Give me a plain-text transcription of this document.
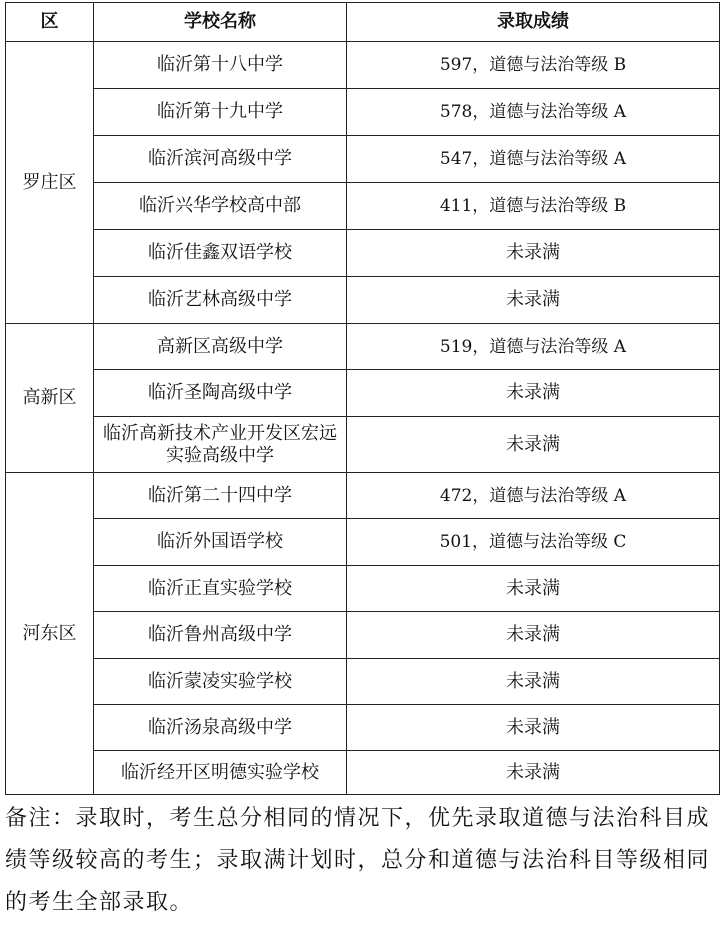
区	学校名称	录取成绩
罗庄区	临沂第十八中学	597，道德与法治等级 B
	临沂第十九中学	578，道德与法治等级 A
	临沂滨河高级中学	547，道德与法治等级 A
	临沂兴华学校高中部	411，道德与法治等级 B
	临沂佳鑫双语学校	未录满
	临沂艺林高级中学	未录满
高新区	高新区高级中学	519，道德与法治等级 A
	临沂圣陶高级中学	未录满
	临沂高新技术产业开发区宏远实验高级中学	未录满
河东区	临沂第二十四中学	472，道德与法治等级 A
	临沂外国语学校	501，道德与法治等级 C
	临沂正直实验学校	未录满
	临沂鲁州高级中学	未录满
	临沂蒙凌实验学校	未录满
	临沂汤泉高级中学	未录满
	临沂经开区明德实验学校	未录满
备注：录取时，考生总分相同的情况下，优先录取道德与法治科目成绩等级较高的考生；录取满计划时，总分和道德与法治科目等级相同的考生全部录取。
